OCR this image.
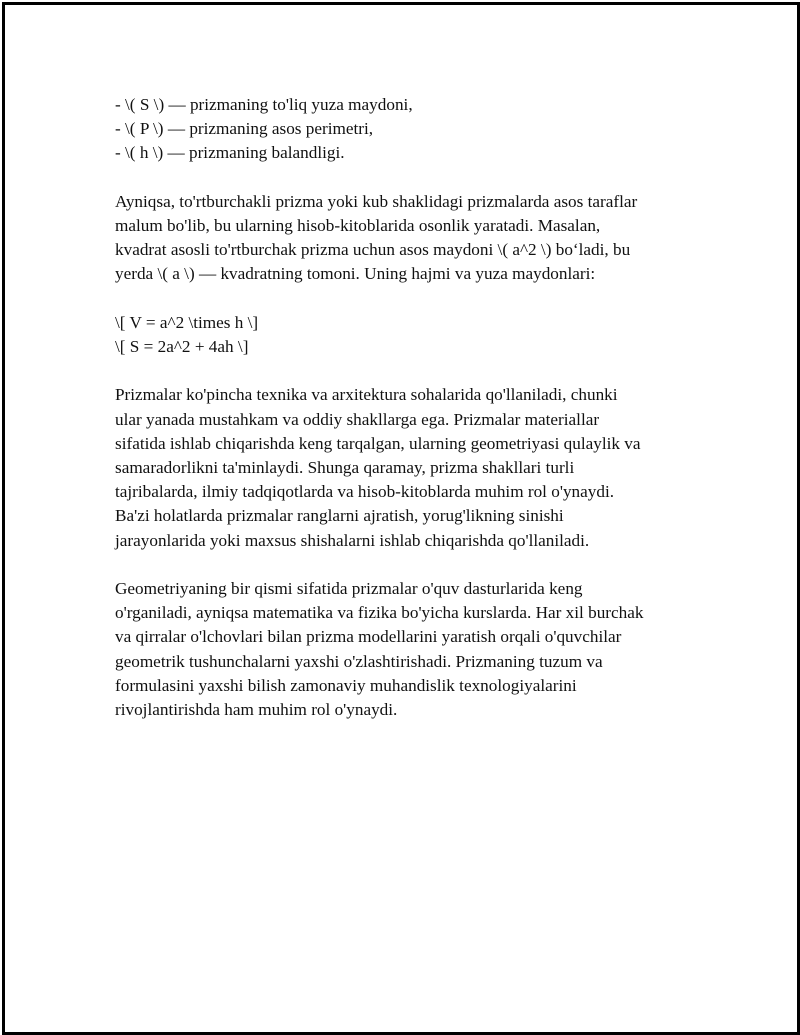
- \( S \) — prizmaning to'liq yuza maydoni,
- \( P \) — prizmaning asos perimetri,
- \( h \) — prizmaning balandligi.
Ayniqsa, to'rtburchakli prizma yoki kub shaklidagi prizmalarda asos taraflar
malum bo'lib, bu ularning hisob-kitoblarida osonlik yaratadi. Masalan,
kvadrat asosli to'rtburchak prizma uchun asos maydoni \( a^2 \) bo‘ladi, bu
yerda \( a \) — kvadratning tomoni. Uning hajmi va yuza maydonlari:
\[ V = a^2 \times h \]
\[ S = 2a^2 + 4ah \]
Prizmalar ko'pincha texnika va arxitektura sohalarida qo'llaniladi, chunki
ular yanada mustahkam va oddiy shakllarga ega. Prizmalar materiallar
sifatida ishlab chiqarishda keng tarqalgan, ularning geometriyasi qulaylik va
samaradorlikni ta'minlaydi. Shunga qaramay, prizma shakllari turli
tajribalarda, ilmiy tadqiqotlarda va hisob-kitoblarda muhim rol o'ynaydi.
Ba'zi holatlarda prizmalar ranglarni ajratish, yorug'likning sinishi
jarayonlarida yoki maxsus shishalarni ishlab chiqarishda qo'llaniladi.
Geometriyaning bir qismi sifatida prizmalar o'quv dasturlarida keng
o'rganiladi, ayniqsa matematika va fizika bo'yicha kurslarda. Har xil burchak
va qirralar o'lchovlari bilan prizma modellarini yaratish orqali o'quvchilar
geometrik tushunchalarni yaxshi o'zlashtirishadi. Prizmaning tuzum va
formulasini yaxshi bilish zamonaviy muhandislik texnologiyalarini
rivojlantirishda ham muhim rol o'ynaydi.
